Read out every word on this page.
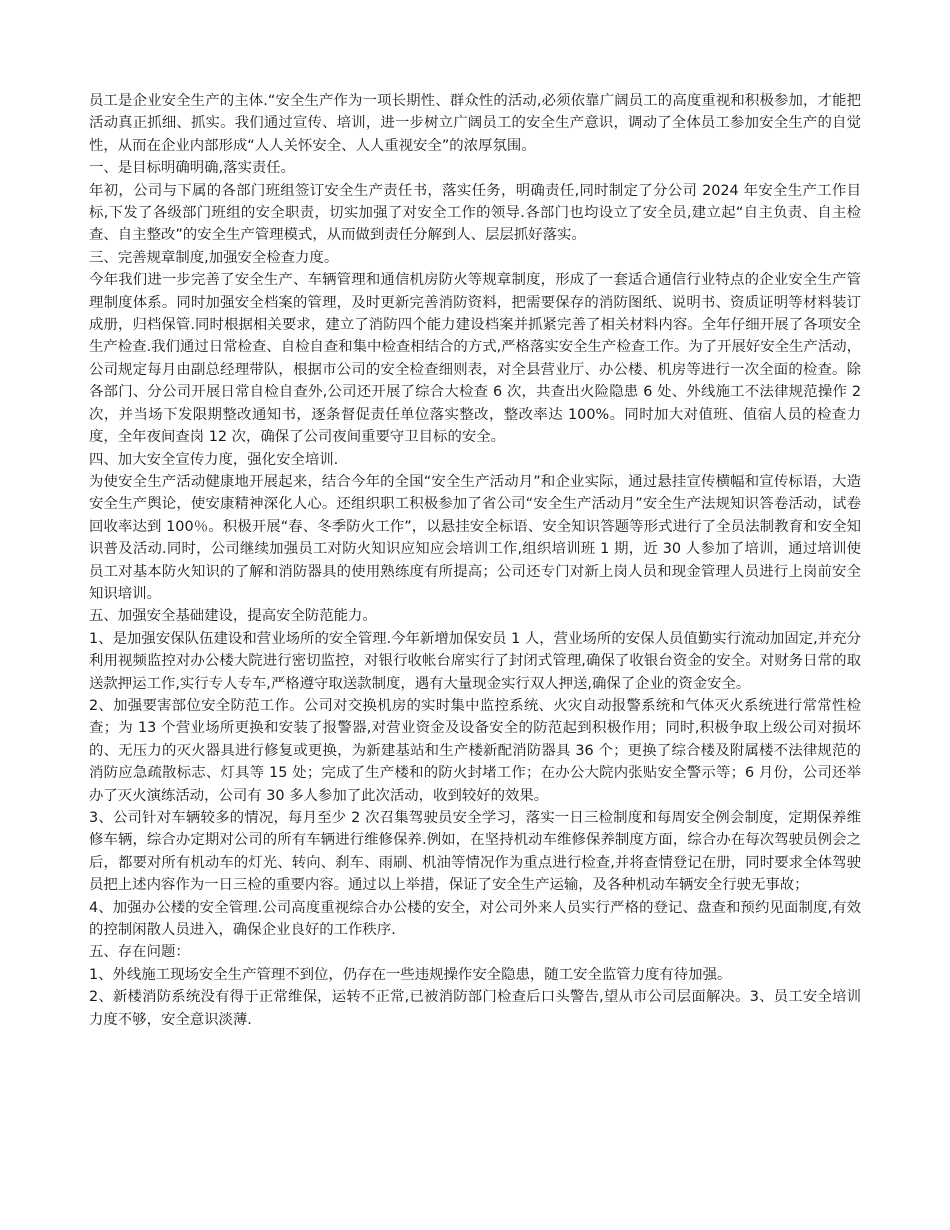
员工是企业安全生产的主体.“安全生产作为一项长期性、群众性的活动,必须依靠广阔员工的高度重视和积极参加，才能把活动真正抓细、抓实。我们通过宣传、培训，进一步树立广阔员工的安全生产意识，调动了全体员工参加安全生产的自觉性，从而在企业内部形成“人人关怀安全、人人重视安全”的浓厚氛围。

一、是目标明确明确,落实责任。

年初，公司与下属的各部门班组签订安全生产责任书，落实任务，明确责任,同时制定了分公司 2024 年安全生产工作目标,下发了各级部门班组的安全职责，切实加强了对安全工作的领导.各部门也均设立了安全员,建立起“自主负责、自主检查、自主整改”的安全生产管理模式，从而做到责任分解到人、层层抓好落实。

三、完善规章制度,加强安全检查力度。

今年我们进一步完善了安全生产、车辆管理和通信机房防火等规章制度，形成了一套适合通信行业特点的企业安全生产管理制度体系。同时加强安全档案的管理，及时更新完善消防资料，把需要保存的消防图纸、说明书、资质证明等材料装订成册，归档保管.同时根据相关要求，建立了消防四个能力建设档案并抓紧完善了相关材料内容。全年仔细开展了各项安全生产检查.我们通过日常检查、自检自查和集中检查相结合的方式,严格落实安全生产检查工作。为了开展好安全生产活动，公司规定每月由副总经理带队，根据市公司的安全检查细则表，对全县营业厅、办公楼、机房等进行一次全面的检查。除各部门、分公司开展日常自检自查外,公司还开展了综合大检查 6 次，共查出火险隐患 6 处、外线施工不法律规范操作 2 次，并当场下发限期整改通知书，逐条督促责任单位落实整改，整改率达 100%。同时加大对值班、值宿人员的检查力度，全年夜间查岗 12 次，确保了公司夜间重要守卫目标的安全。

四、加大安全宣传力度，强化安全培训.

为使安全生产活动健康地开展起来，结合今年的全国“安全生产活动月”和企业实际，通过悬挂宣传横幅和宣传标语，大造安全生产舆论，使安康精神深化人心。还组织职工积极参加了省公司“安全生产活动月”安全生产法规知识答卷活动，试卷回收率达到 100％。积极开展“春、冬季防火工作”，以悬挂安全标语、安全知识答题等形式进行了全员法制教育和安全知识普及活动.同时，公司继续加强员工对防火知识应知应会培训工作,组织培训班 1 期，近 30 人参加了培训，通过培训使员工对基本防火知识的了解和消防器具的使用熟练度有所提高；公司还专门对新上岗人员和现金管理人员进行上岗前安全知识培训。

五、加强安全基础建设，提高安全防范能力。

1、是加强安保队伍建设和营业场所的安全管理.今年新增加保安员 1 人，营业场所的安保人员值勤实行流动加固定,并充分利用视频监控对办公楼大院进行密切监控，对银行收帐台席实行了封闭式管理,确保了收银台资金的安全。对财务日常的取送款押运工作,实行专人专车,严格遵守取送款制度，遇有大量现金实行双人押送,确保了企业的资金安全。

2、加强要害部位安全防范工作。公司对交换机房的实时集中监控系统、火灾自动报警系统和气体灭火系统进行常常性检查；为 13 个营业场所更换和安装了报警器,对营业资金及设备安全的防范起到积极作用；同时,积极争取上级公司对损坏的、无压力的灭火器具进行修复或更换，为新建基站和生产楼新配消防器具 36 个；更换了综合楼及附属楼不法律规范的消防应急疏散标志、灯具等 15 处；完成了生产楼和的防火封堵工作；在办公大院内张贴安全警示等；6 月份，公司还举办了灭火演练活动，公司有 30 多人参加了此次活动，收到较好的效果。

3、公司针对车辆较多的情况，每月至少 2 次召集驾驶员安全学习，落实一日三检制度和每周安全例会制度，定期保养维修车辆，综合办定期对公司的所有车辆进行维修保养.例如，在坚持机动车维修保养制度方面，综合办在每次驾驶员例会之后，都要对所有机动车的灯光、转向、刹车、雨刷、机油等情况作为重点进行检查,并将查情登记在册，同时要求全体驾驶员把上述内容作为一日三检的重要内容。通过以上举措，保证了安全生产运输，及各种机动车辆安全行驶无事故；

4、加强办公楼的安全管理.公司高度重视综合办公楼的安全，对公司外来人员实行严格的登记、盘查和预约见面制度,有效的控制闲散人员进入，确保企业良好的工作秩序.

五、存在问题：

1、外线施工现场安全生产管理不到位，仍存在一些违规操作安全隐患，随工安全监管力度有待加强。

2、新楼消防系统没有得于正常维保，运转不正常,已被消防部门检查后口头警告,望从市公司层面解决。3、员工安全培训力度不够，安全意识淡薄.
